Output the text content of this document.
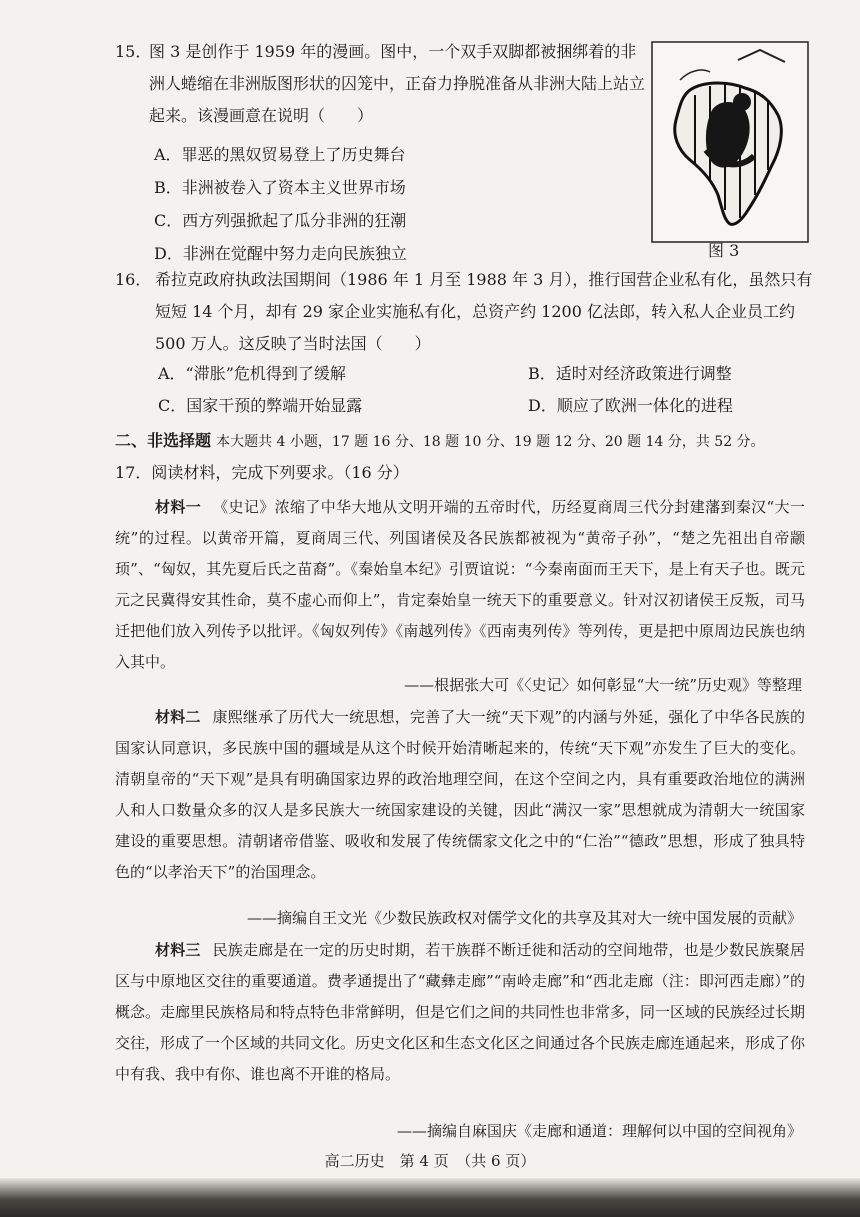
15．
图 3 是创作于 1959 年的漫画。图中，一个双手双脚都被捆绑着的非洲人蜷缩在非洲版图形状的囚笼中，正奋力挣脱准备从非洲大陆上站立起来。该漫画意在说明（　　）
A．罪恶的黑奴贸易登上了历史舞台
B．非洲被卷入了资本主义世界市场
C．西方列强掀起了瓜分非洲的狂潮
D．非洲在觉醒中努力走向民族独立	图 3
16． 希拉克政府执政法国期间（1986 年 1 月至 1988 年 3 月），推行国营企业私有化，虽然只有短短 14 个月，却有 29 家企业实施私有化，总资产约 1200 亿法郎，转入私人企业员工约 500 万人。这反映了当时法国（　　）
A．“滞胀”危机得到了缓解	B．适时对经济政策进行调整
C．国家干预的弊端开始显露	D．顺应了欧洲一体化的进程
二、非选择题 本大题共 4 小题，17 题 16 分、18 题 10 分、19 题 12 分、20 题 14 分，共 52 分。
17．阅读材料，完成下列要求。（16 分）
材料一 《史记》浓缩了中华大地从文明开端的五帝时代，历经夏商周三代分封建藩到秦汉“大一统”的过程。以黄帝开篇，夏商周三代、列国诸侯及各民族都被视为“黄帝子孙”，“楚之先祖出自帝颛顼”、“匈奴，其先夏后氏之苗裔”。《秦始皇本纪》引贾谊说：“今秦南面而王天下，是上有天子也。既元元之民冀得安其性命，莫不虚心而仰上”，肯定秦始皇一统天下的重要意义。针对汉初诸侯王反叛，司马迁把他们放入列传予以批评。《匈奴列传》《南越列传》《西南夷列传》等列传，更是把中原周边民族也纳入其中。
——根据张大可《〈史记〉如何彰显“大一统”历史观》等整理
材料二 康熙继承了历代大一统思想，完善了大一统“天下观”的内涵与外延，强化了中华各民族的国家认同意识，多民族中国的疆域是从这个时候开始清晰起来的，传统“天下观”亦发生了巨大的变化。清朝皇帝的“天下观”是具有明确国家边界的政治地理空间，在这个空间之内，具有重要政治地位的满洲人和人口数量众多的汉人是多民族大一统国家建设的关键，因此“满汉一家”思想就成为清朝大一统国家建设的重要思想。清朝诸帝借鉴、吸收和发展了传统儒家文化之中的“仁治”“德政”思想，形成了独具特色的“以孝治天下”的治国理念。
——摘编自王文光《少数民族政权对儒学文化的共享及其对大一统中国发展的贡献》
材料三 民族走廊是在一定的历史时期，若干族群不断迁徙和活动的空间地带，也是少数民族聚居区与中原地区交往的重要通道。费孝通提出了“藏彝走廊”“南岭走廊”和“西北走廊（注：即河西走廊）”的概念。走廊里民族格局和特点特色非常鲜明，但是它们之间的共同性也非常多，同一区域的民族经过长期交往，形成了一个区域的共同文化。历史文化区和生态文化区之间通过各个民族走廊连通起来，形成了你中有我、我中有你、谁也离不开谁的格局。
——摘编自麻国庆《走廊和通道：理解何以中国的空间视角》
高二历史　第 4 页　（共 6 页）
